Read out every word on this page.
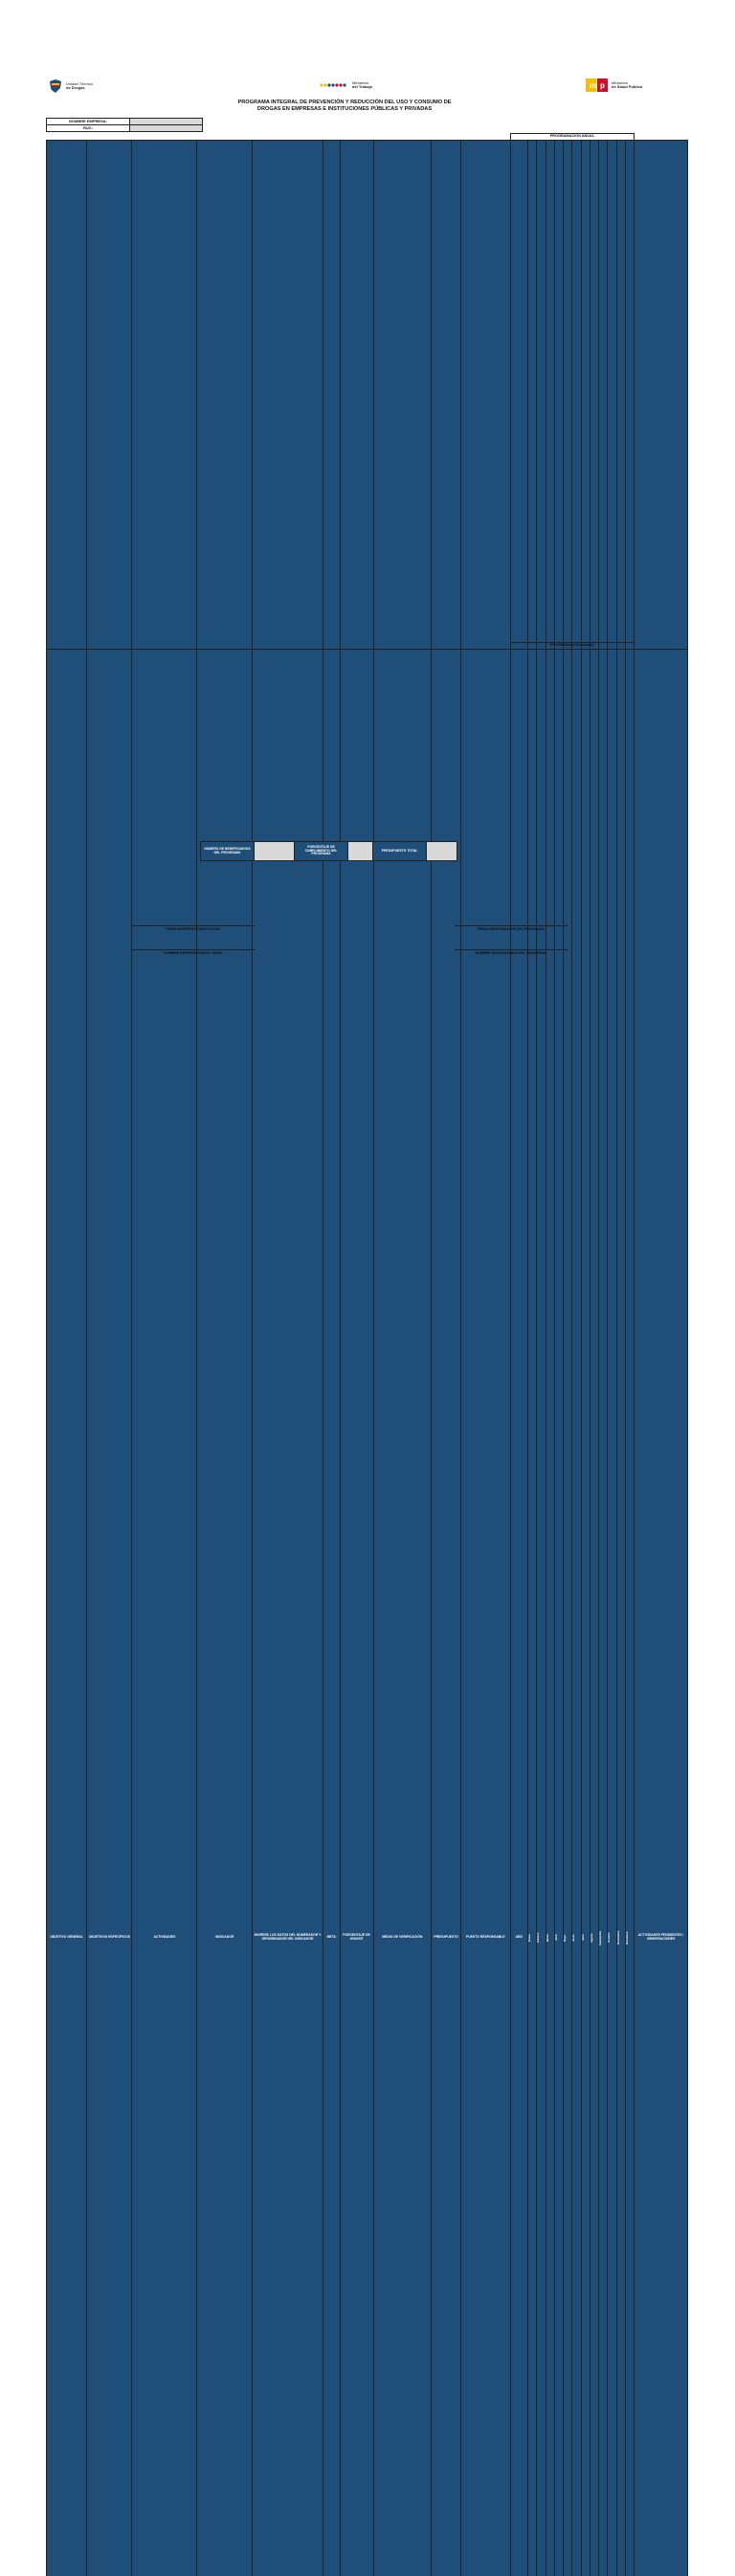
Unidad Técnica
de Drogas
Ministerio
del Trabajo	m p Ministerio
de Salud Pública
PROGRAMA INTEGRAL DE PREVENCIÓN Y REDUCCIÓN DEL USO Y CONSUMO DE
DROGAS EN EMPRESAS E INSTITUCIONES PÚBLICAS Y PRIVADAS
NOMBRE EMPRESA:	
RUC:	
											PROGRAMACIÓN ANUAL													

											PROGRAMACIÓN ANUAL													
OBJETIVO GENERAL	OBJETIVOS ESPECÍFICOS	ACTIVIDADES	INDICADOR	INGRESE LOS DATOS DEL NUMERADOR Y DENOMINADOR DEL INDICADOR		META	PORCENTAJE DE AVANCE	MEDIO DE VERIFICACIÓN	PRESUPUESTO	PUESTO RESPONSABLE	AÑO	Enero	Febrero	Marzo	Abril	Mayo	Junio	Julio	Agosto	Septiembre	Octubre	Noviembre	Diciembre	ACTIVIDADES PENDIENTES / OBSERVACIONES

NÚMERO DE BENEFICIARIOS DEL PROGRAMA		PORCENTAJE DE CUMPLIMIENTO DEL PROGRAMA		PRESUPUESTO TOTAL	
FIRMA REPRESENTANTE LEGAL	FIRMA RESPONSABLE DEL PROGRAMA
NOMBRE REPRESENTANTE LEGAL	NOMBRE RESPONSABLE DEL PROGRAMA
